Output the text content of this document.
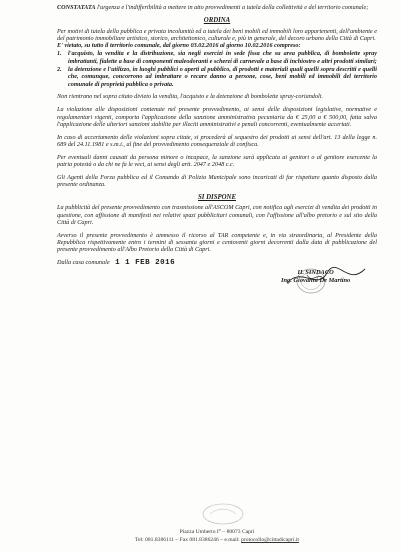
CONSTATATA l'urgenza e l'indifferibilità a mettere in atto provvedimenti a tutela della collettività e del territorio comunale;

ORDINA

Per motivi di tutela della pubblica e privata incolumità ed a tutela dei beni mobili ed immobili loro appartenenti, dell'ambiente e del patrimonio immobiliare artistico, storico, architettonico, culturale e, più in generale, del decoro urbano della Città di Capri.

E' vietato, su tutto il territorio comunale, dal giorno 03.02.2016 al giorno 10.02.2016 compreso:

1. l'acquisto, la vendita e la distribuzione, sia negli esercizi in sede fissa che su area pubblica, di bombolette spray imbrattanti, fialette a base di componenti maleodoranti e scherzi di carnevale a base di inchiostro e altri prodotti similari;
2. la detenzione e l'utilizzo, in luoghi pubblici o aperti al pubblico, di prodotti e materiali quali quelli sopra descritti e quelli che, comunque, concorrono ad imbrattare o recare danno a persone, cose, beni mobili ed immobili del territorio comunale di proprietà pubblica o privata.

Non rientrano nel sopra citato divieto la vendita, l'acquisto e la detenzione di bombolette spray-coriandoli.

La violazione alle disposizioni contenute nel presente provvedimento, ai sensi delle disposizioni legislative, normative e regolamentari vigenti, comporta l'applicazione della sanzione amministrativa pecuniaria da € 25,00 a € 500,00, fatta salva l'applicazione delle ulteriori sanzioni stabilite per illeciti amministrativi e penali concorrenti, eventualmente accertati.

In caso di accertamento delle violazioni sopra citate, si procederà al sequestro dei prodotti ai sensi dell'art. 13 della legge n. 689 del 24.11.1981 e s.m.i., al fine del provvedimento consequenziale di confisca.

Per eventuali danni causati da persona minore o incapace, la sanzione sarà applicata ai genitori o al genitore esercente la patria potestà o da chi ne fa le veci, ai sensi degli artt. 2047 e 2048 c.c.

Gli Agenti della Forza pubblica ed il Comando di Polizia Municipale sono incaricati di far rispettare quanto disposto dalla presente ordinanza.

SI DISPONE

La pubblicità del presente provvedimento con trasmissione all'ASCOM Capri, con notifica agli esercizi di vendita dei prodotti in questione, con affissione di manifesti nei relativi spazi pubblicitari comunali, con l'affissione all'albo pretorio e sul sito della Città di Capri.

Avverso il presente provvedimento è ammesso il ricorso al TAR competente e, in via straordinaria, al Presidente della Repubblica rispettivamente entro i termini di sessanta giorni e centoventi giorni decorrenti dalla data di pubblicazione del presente provvedimento all'Albo Pretorio della Città di Capri.

Dalla casa comunale 1 1 FEB 2016
IL SINDACO
Ing. Giovanni De Martino
Piazza Umberto I° – 80073 Capri
Tel: 081.8386111 – Fax 081.8386246 – e.mail: protocollo@cittadicapri.it
